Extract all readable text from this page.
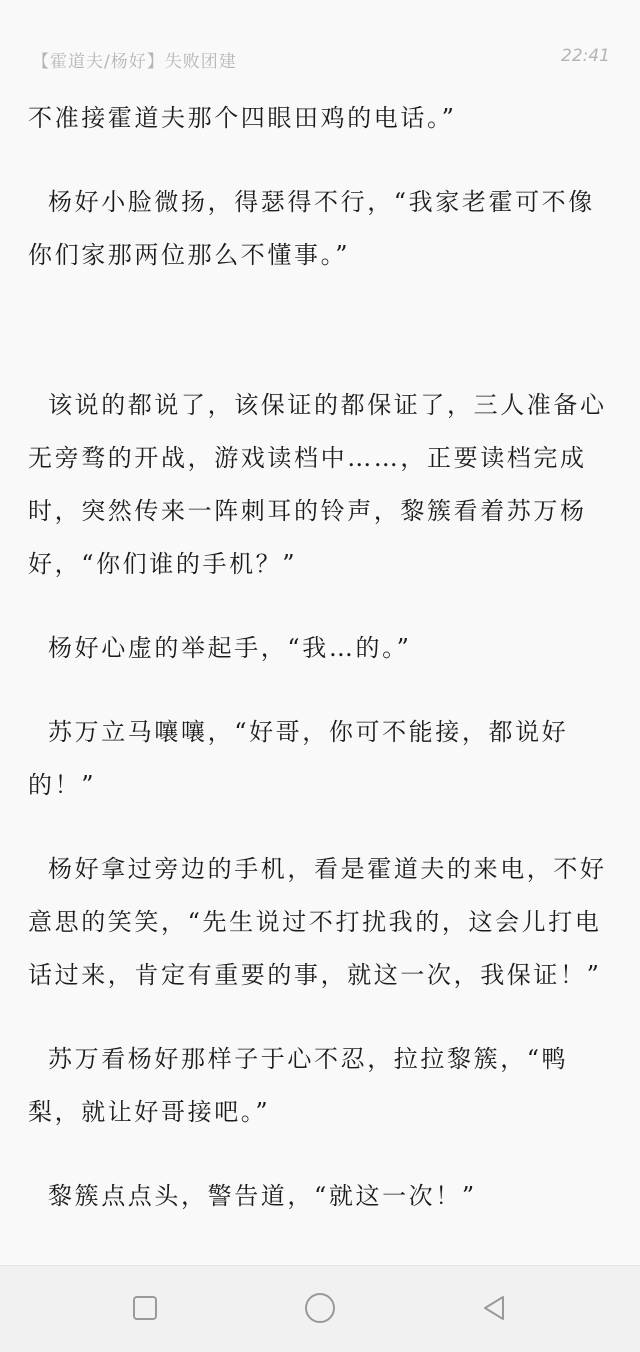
【霍道夫/杨好】失败团建	22:41

不准接霍道夫那个四眼田鸡的电话。”

杨好小脸微扬，得瑟得不行，“我家老霍可不像你们家那两位那么不懂事。”

该说的都说了，该保证的都保证了，三人准备心无旁骛的开战，游戏读档中……，正要读档完成时，突然传来一阵刺耳的铃声，黎簇看着苏万杨好，“你们谁的手机？”

杨好心虚的举起手，“我…的。”

苏万立马嚷嚷，“好哥，你可不能接，都说好的！”

杨好拿过旁边的手机，看是霍道夫的来电，不好意思的笑笑，“先生说过不打扰我的，这会儿打电话过来，肯定有重要的事，就这一次，我保证！”

苏万看杨好那样子于心不忍，拉拉黎簇，“鸭梨，就让好哥接吧。”

黎簇点点头，警告道，“就这一次！”
